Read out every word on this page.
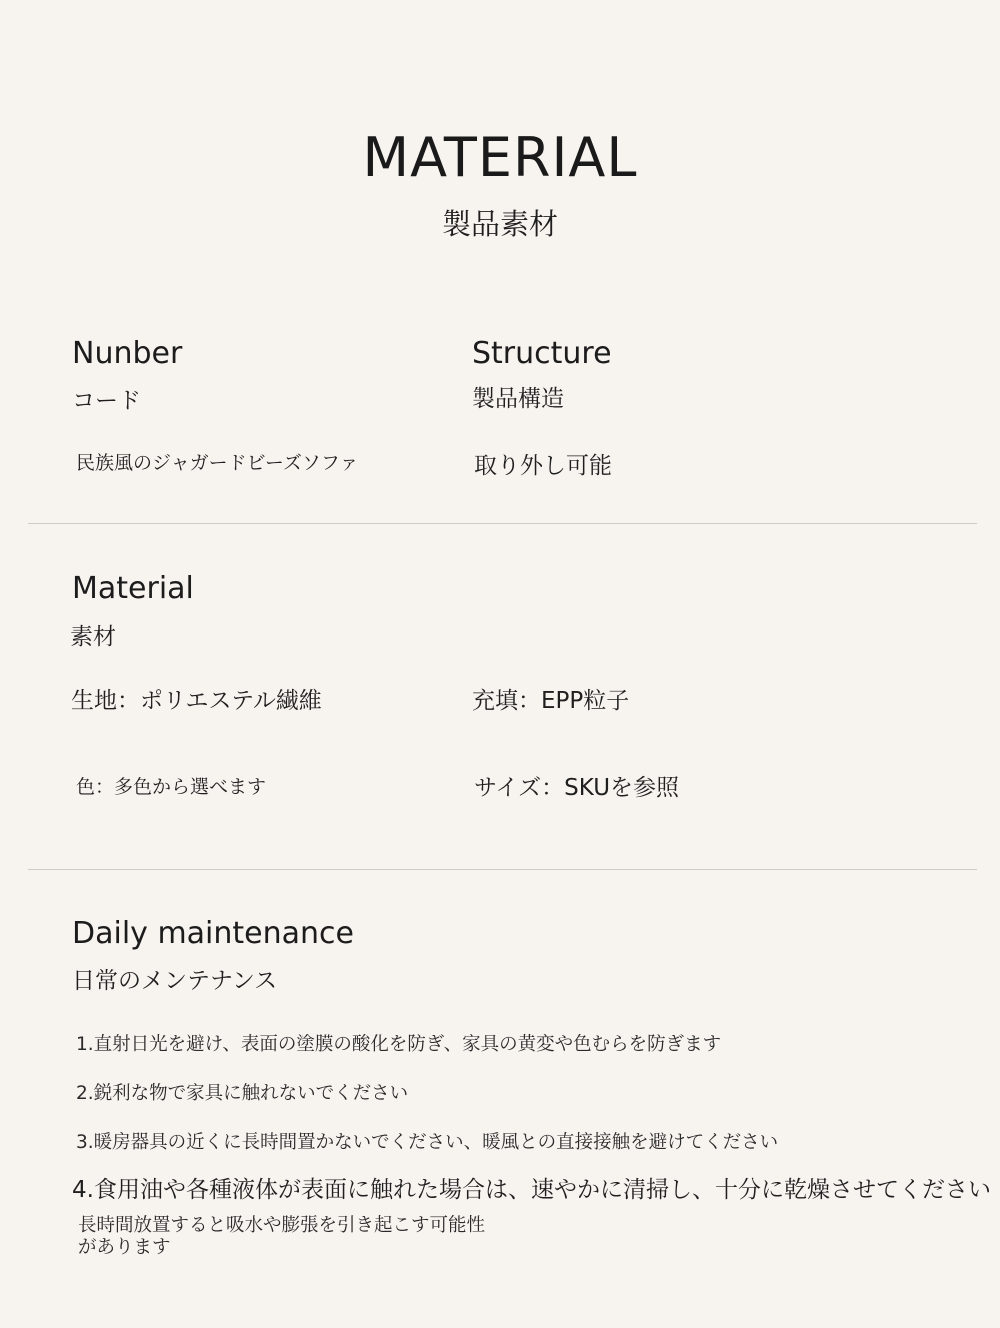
MATERIAL
製品素材
Nunber
コード
民族風のジャガードビーズソファ
Structure
製品構造
取り外し可能
Material
素材
生地：ポリエステル繊維	充填：EPP粒子
色：多色から選べます	サイズ：SKUを参照
Daily maintenance
日常のメンテナンス
1.直射日光を避け、表面の塗膜の酸化を防ぎ、家具の黄変や色むらを防ぎます
2.鋭利な物で家具に触れないでください
3.暖房器具の近くに長時間置かないでください、暖風との直接接触を避けてください
4.食用油や各種液体が表面に触れた場合は、速やかに清掃し、十分に乾燥させてください
長時間放置すると吸水や膨張を引き起こす可能性があります
